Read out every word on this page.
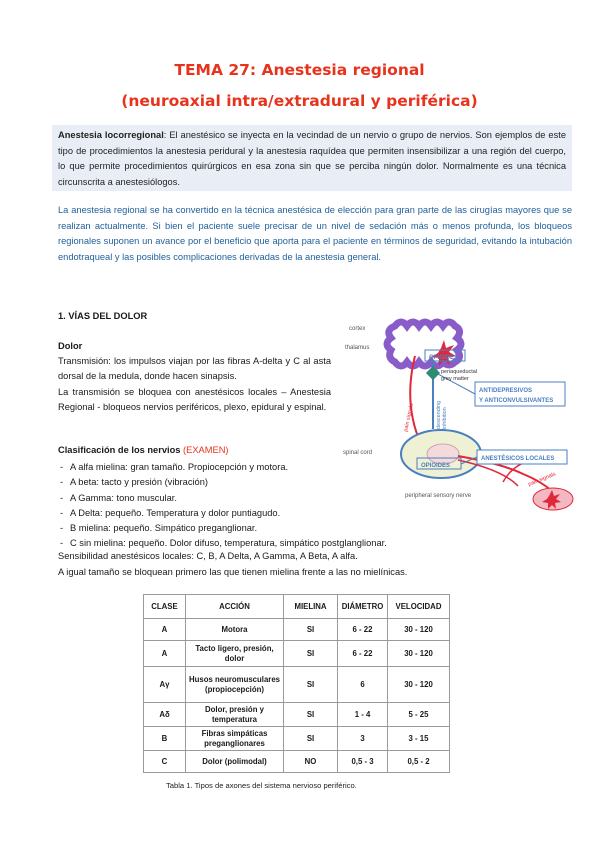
TEMA 27: Anestesia regional
(neuroaxial intra/extradural y periférica)
Anestesia locorregional: El anestésico se inyecta en la vecindad de un nervio o grupo de nervios. Son ejemplos de este tipo de procedimientos la anestesia peridural y la anestesia raquídea que permiten insensibilizar a una región del cuerpo, lo que permite procedimientos quirúrgicos en esa zona sin que se perciba ningún dolor. Normalmente es una técnica circunscrita a anestesiólogos.
La anestesia regional se ha convertido en la técnica anestésica de elección para gran parte de las cirugías mayores que se realizan actualmente. Si bien el paciente suele precisar de un nivel de sedación más o menos profunda, los bloqueos regionales suponen un avance por el beneficio que aporta para el paciente en términos de seguridad, evitando la intubación endotraqueal y las posibles complicaciones derivadas de la anestesia general.
1. VÍAS DEL DOLOR
Dolor
Transmisión: los impulsos viajan por las fibras A-delta y C al asta dorsal de la medula, donde hacen sinapsis.
La transmisión se bloquea con anestésicos locales – Anestesia Regional - bloqueos nervios periféricos, plexo, epidural y espinal.
Clasificación de los nervios (EXAMEN)
- A alfa mielina: gran tamaño. Propiocepción y motora.
- A beta: tacto y presión (vibración)
- A Gamma: tono muscular.
- A Delta: pequeño. Temperatura y dolor puntiagudo.
- B mielina: pequeño. Simpático preganglionar.
- C sin mielina: pequeño. Dolor difuso, temperatura, simpático postglanglionar.
Sensibilidad anestésicos locales: C, B, A Delta, A Gamma, A Beta, A alfa.
A igual tamaño se bloquean primero las que tienen mielina frente a las no mielínicas.
cortex
thalamus
OPIOIDES
periaqueductal
grey matter
ANTIDEPRESIVOS
Y ANTICONVULSIVANTES
descending inhibition
pain signals
spinal cord
OPIOIDES
ANESTÉSICOS LOCALES
pain signals
peripheral sensory nerve
CLASE	ACCIÓN	MIELINA	DIÁMETRO	VELOCIDAD
A	Motora	SI	6 - 22	30 - 120
A	Tacto ligero, presión, dolor	SI	6 - 22	30 - 120
Aγ	Husos neuromusculares (propiocepción)	SI	6	30 - 120
Aδ	Dolor, presión y temperatura	SI	1 - 4	5 - 25
B	Fibras simpáticas preganglionares	SI	3	3 - 15
C	Dolor (polimodal)	NO	0,5 - 3	0,5 - 2
Tabla 1. Tipos de axones del sistema nervioso periférico.
